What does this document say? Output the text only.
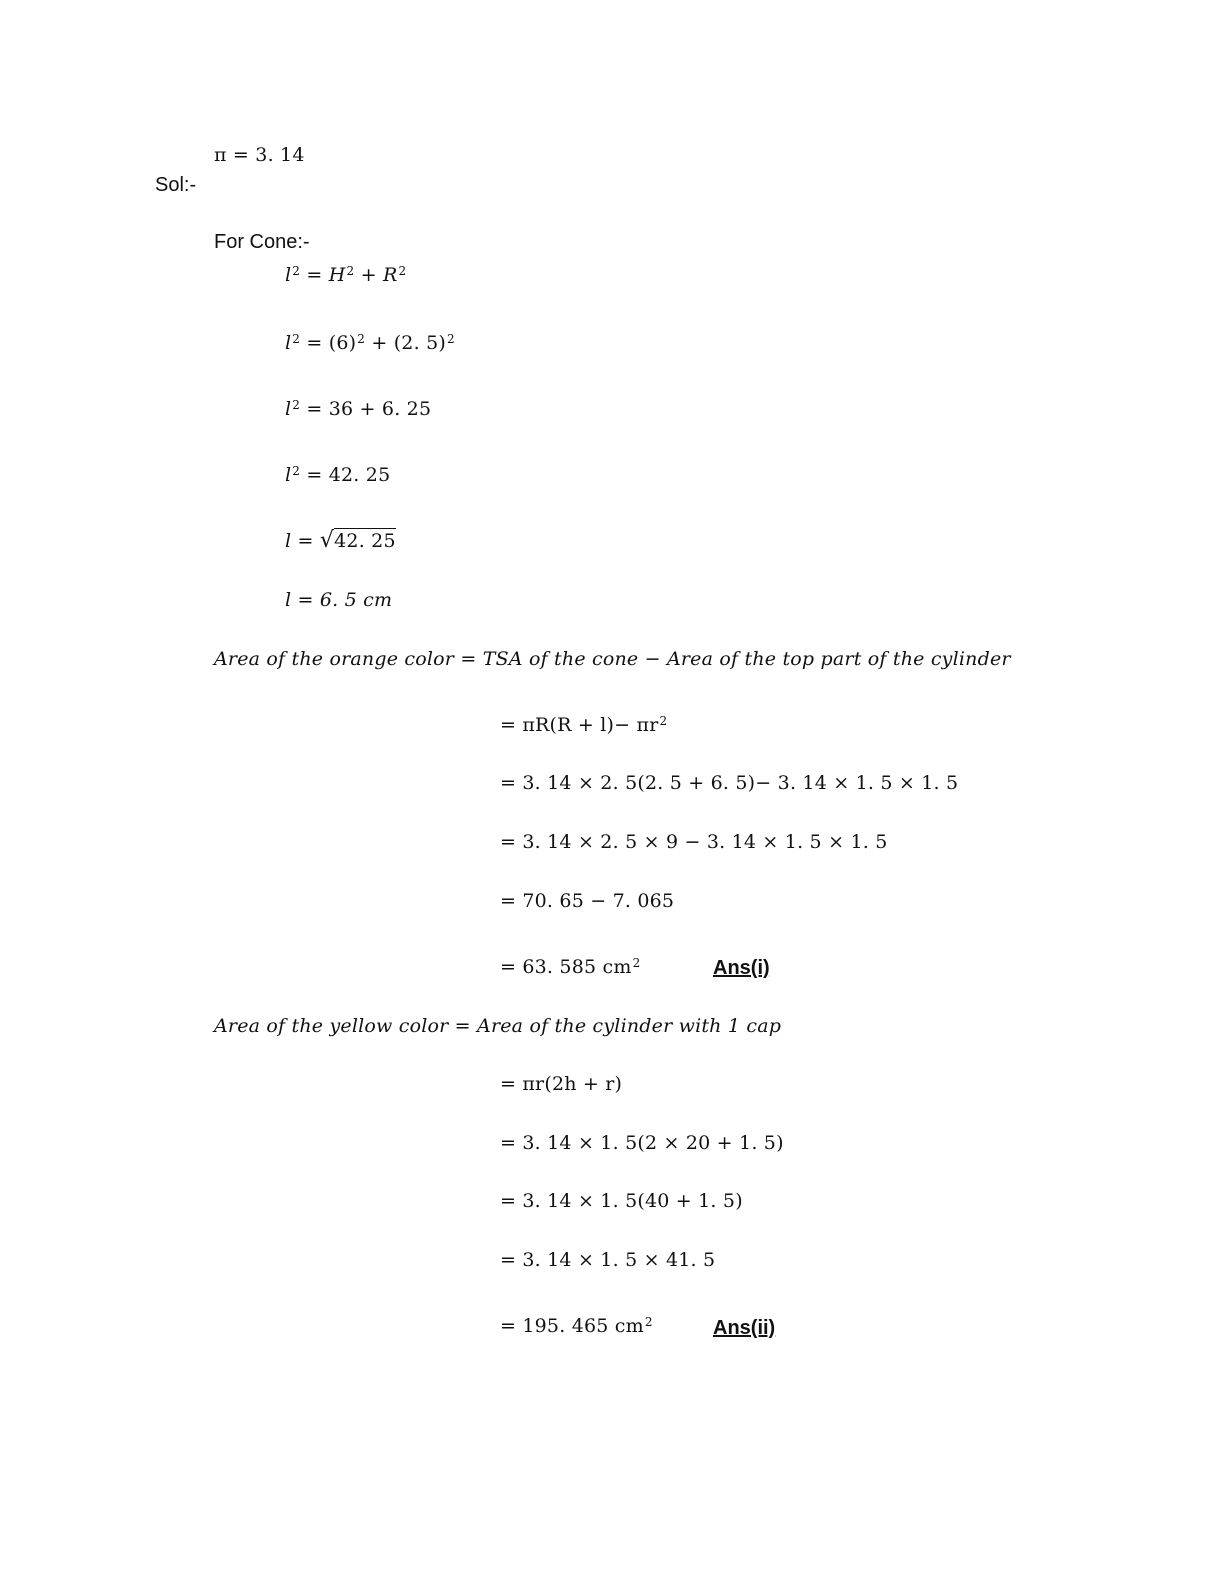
π = 3. 14
Sol:-
For Cone:-
$l^2 = H^2 + R^2$
$l^2 = (6)^2 + (2$. 5)$^2$
$l^2 = 36 + 6$. 25
$l^2 = 42$. 25
l = √42. 25
l = 6. 5 cm
Area of the orange color = TSA of the cone − Area of the top part of the cylinder
= $\pi R(R + l)- \pi r^2$
= 3. 14 × 2. 5(2. 5 + 6. 5)− 3. 14 × 1. 5 × 1. 5
= 3. 14 × 2. 5 × 9 − 3. 14 × 1. 5 × 1. 5
= 70. 65 − 7. 065
= 63. 585 $cm^2$	Ans(i)
Area of the yellow color = Area of the cylinder with 1 cap
= πr(2h + r)
= 3. 14 × 1. 5(2 × 20 + 1. 5)
= 3. 14 × 1. 5(40 + 1. 5)
= 3. 14 × 1. 5 × 41. 5
= 195. 465 $cm^2$	Ans(ii)
